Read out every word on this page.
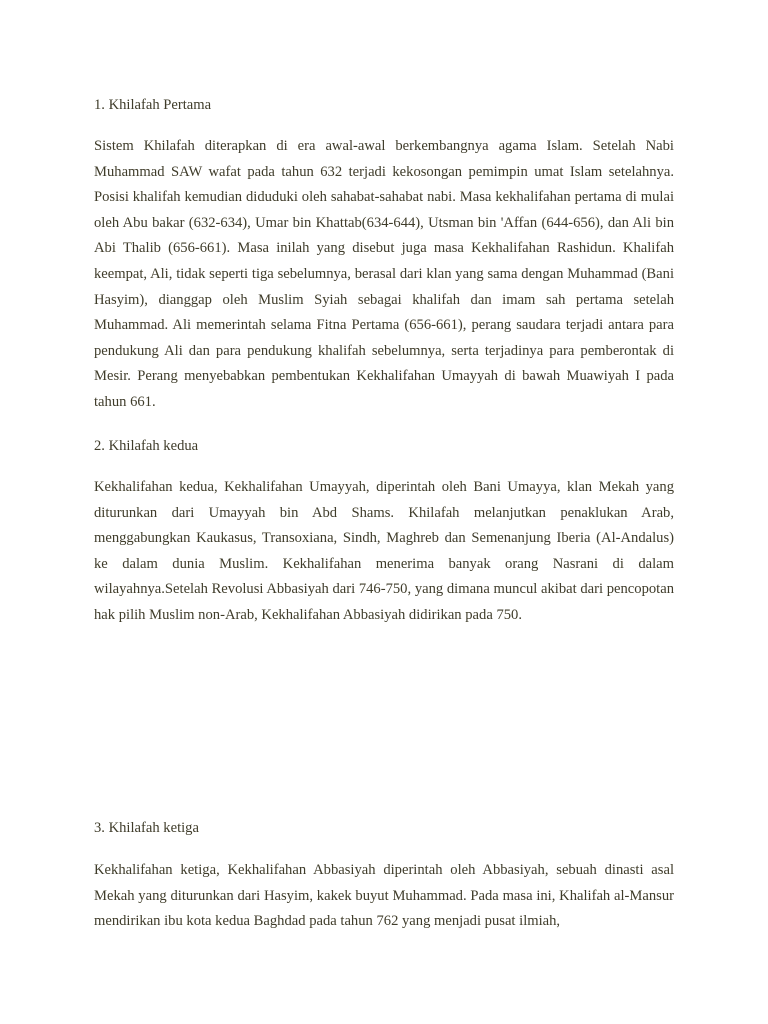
1. Khilafah Pertama

Sistem Khilafah diterapkan di era awal-awal berkembangnya agama Islam. Setelah Nabi Muhammad SAW wafat pada tahun 632 terjadi kekosongan pemimpin umat Islam setelahnya. Posisi khalifah kemudian diduduki oleh sahabat-sahabat nabi. Masa kekhalifahan pertama di mulai oleh Abu bakar (632-634), Umar bin Khattab(634-644), Utsman bin 'Affan (644-656), dan Ali bin Abi Thalib (656-661). Masa inilah yang disebut juga masa Kekhalifahan Rashidun. Khalifah keempat, Ali, tidak seperti tiga sebelumnya, berasal dari klan yang sama dengan Muhammad (Bani Hasyim), dianggap oleh Muslim Syiah sebagai khalifah dan imam sah pertama setelah Muhammad. Ali memerintah selama Fitna Pertama (656-661), perang saudara terjadi antara para pendukung Ali dan para pendukung khalifah sebelumnya, serta terjadinya para pemberontak di Mesir. Perang menyebabkan pembentukan Kekhalifahan Umayyah di bawah Muawiyah I pada tahun 661.

2. Khilafah kedua

Kekhalifahan kedua, Kekhalifahan Umayyah, diperintah oleh Bani Umayya, klan Mekah yang diturunkan dari Umayyah bin Abd Shams. Khilafah melanjutkan penaklukan Arab, menggabungkan Kaukasus, Transoxiana, Sindh, Maghreb dan Semenanjung Iberia (Al-Andalus) ke dalam dunia Muslim. Kekhalifahan menerima banyak orang Nasrani di dalam wilayahnya.Setelah Revolusi Abbasiyah dari 746-750, yang dimana muncul akibat dari pencopotan hak pilih Muslim non-Arab, Kekhalifahan Abbasiyah didirikan pada 750.

3. Khilafah ketiga

Kekhalifahan ketiga, Kekhalifahan Abbasiyah diperintah oleh Abbasiyah, sebuah dinasti asal Mekah yang diturunkan dari Hasyim, kakek buyut Muhammad. Pada masa ini, Khalifah al-Mansur mendirikan ibu kota kedua Baghdad pada tahun 762 yang menjadi pusat ilmiah,
